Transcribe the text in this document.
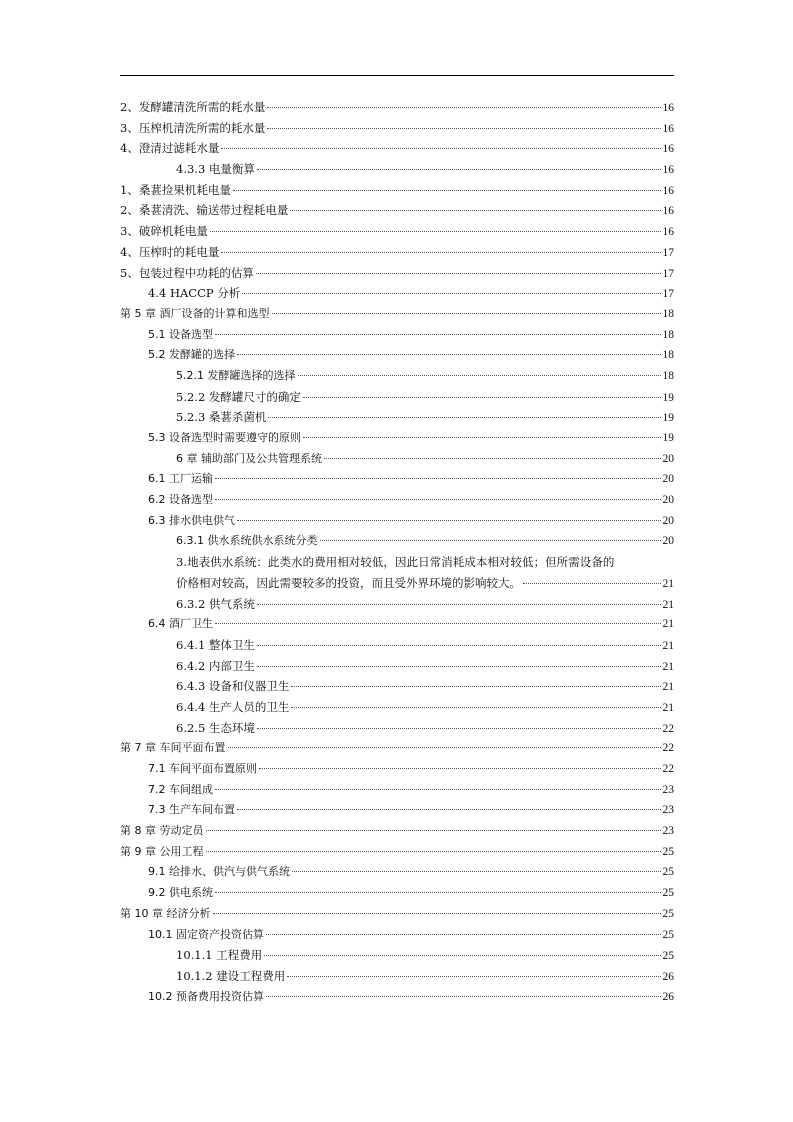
2、发酵罐清洗所需的耗水量	16
3、压榨机清洗所需的耗水量	16
4、澄清过滤耗水量	16
4.3.3 电量衡算	16
1、桑葚捡果机耗电量	16
2、桑葚清洗、输送带过程耗电量	16
3、破碎机耗电量	16
4、压榨时的耗电量	17
5、包装过程中功耗的估算	17
4.4 HACCP 分析	17
第 5 章 酒厂设备的计算和选型	18
5.1 设备选型	18
5.2 发酵罐的选择	18
5.2.1 发酵罐选择的选择	18
5.2.2 发酵罐尺寸的确定	19
5.2.3 桑葚杀菌机	19
5.3 设备选型时需要遵守的原则	19
6 章 辅助部门及公共管理系统	20
6.1 工厂运输	20
6.2 设备选型	20
6.3 排水供电供气	20
6.3.1 供水系统供水系统分类	20
3.地表供水系统：此类水的费用相对较低，因此日常消耗成本相对较低；但所需设备的
价格相对较高，因此需要较多的投资，而且受外界环境的影响较大。	21
6.3.2 供气系统	21
6.4 酒厂卫生	21
6.4.1 整体卫生	21
6.4.2 内部卫生	21
6.4.3 设备和仪器卫生	21
6.4.4 生产人员的卫生	21
6.2.5 生态环境	22
第 7 章 车间平面布置	22
7.1 车间平面布置原则	22
7.2 车间组成	23
7.3 生产车间布置	23
第 8 章 劳动定员	23
第 9 章 公用工程	25
9.1 给排水、供汽与供气系统	25
9.2 供电系统	25
第 10 章 经济分析	25
10.1 固定资产投资估算	25
10.1.1 工程费用	25
10.1.2 建设工程费用	26
10.2 预备费用投资估算	26
